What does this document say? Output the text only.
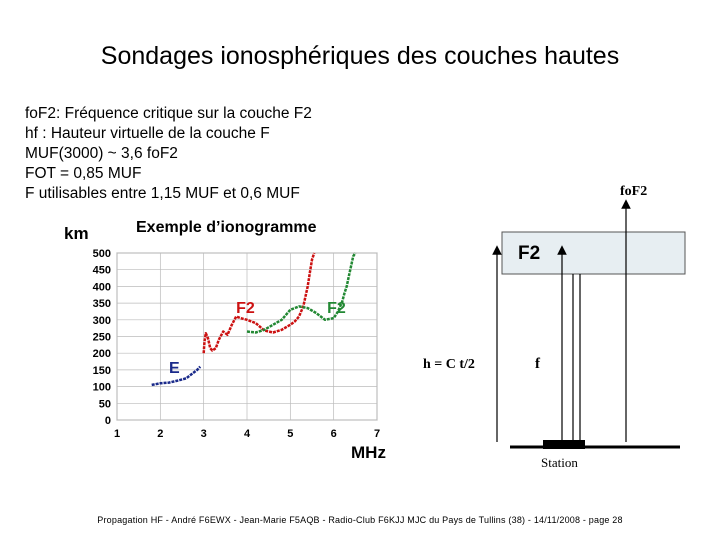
Sondages ionosphériques des couches hautes
foF2: Fréquence critique sur la couche F2
hf : Hauteur virtuelle de la couche F
MUF(3000) ~ 3,6 foF2
FOT = 0,85 MUF
F utilisables entre 1,15 MUF et 0,6 MUF
Exemple d’ionogramme
km
500
450
400
350
300
250
200
150
100
50
0
1	2	3	4	5	6	7
F2	F2
E
MHz
F2
foF2
h = C t/2	f
Station
Propagation HF - André F6EWX - Jean-Marie F5AQB - Radio-Club F6KJJ MJC du Pays de Tullins (38) - 14/11/2008 - page 28
